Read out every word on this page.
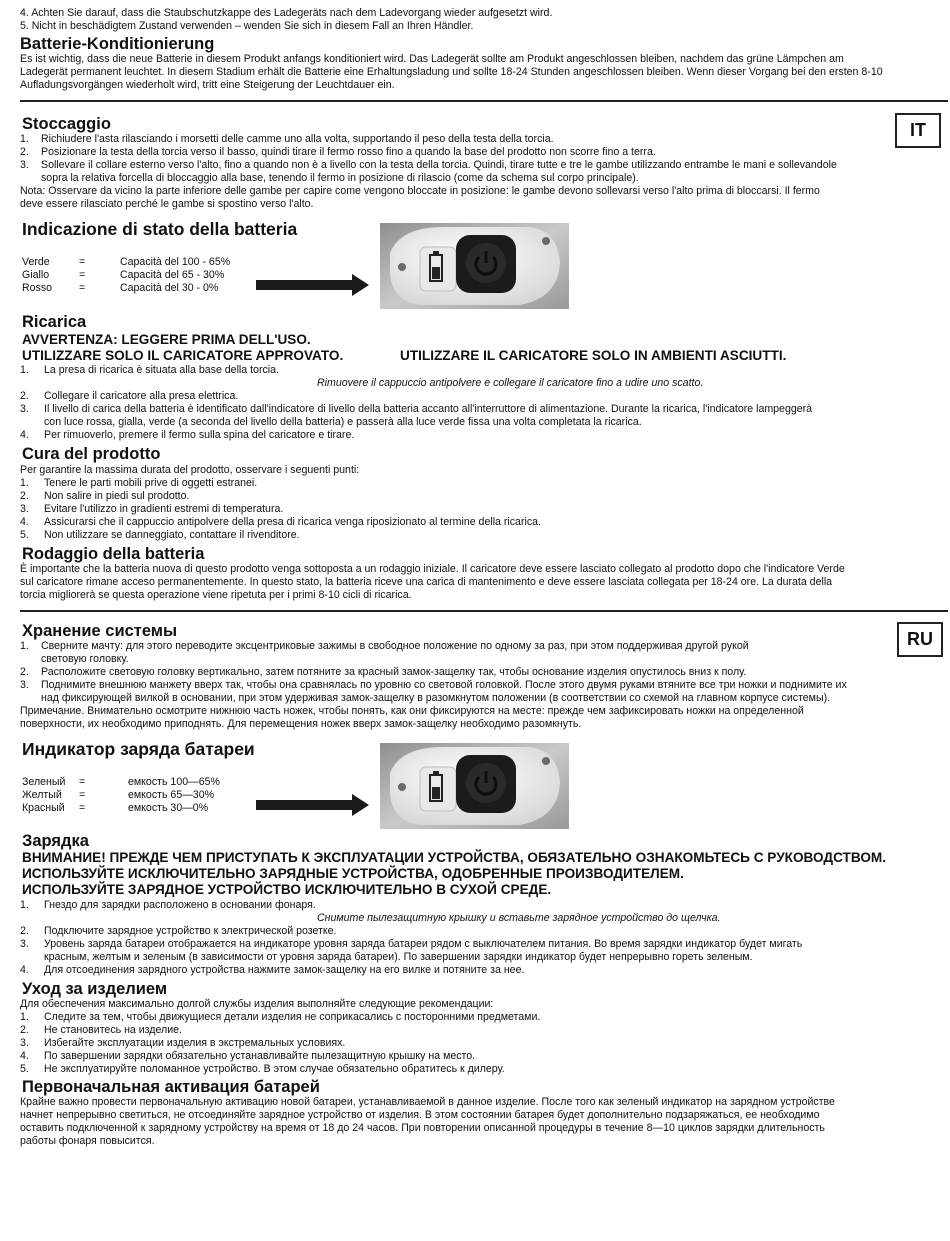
4. Achten Sie darauf, dass die Staubschutzkappe des Ladegeräts nach dem Ladevorgang wieder aufgesetzt wird.
5. Nicht in beschädigtem Zustand verwenden – wenden Sie sich in diesem Fall an Ihren Händler.
Batterie-Konditionierung
Es ist wichtig, dass die neue Batterie in diesem Produkt anfangs konditioniert wird. Das Ladegerät sollte am Produkt angeschlossen bleiben, nachdem das grüne Lämpchen am
Ladegerät permanent leuchtet. In diesem Stadium erhält die Batterie eine Erhaltungsladung und sollte 18-24 Stunden angeschlossen bleiben. Wenn dieser Vorgang bei den ersten 8-10
Aufladungsvorgängen wiederholt wird, tritt eine Steigerung der Leuchtdauer ein.
IT
Stoccaggio
1. Richiudere l'asta rilasciando i morsetti delle camme uno alla volta, supportando il peso della testa della torcia.
2. Posizionare la testa della torcia verso il basso, quindi tirare il fermo rosso fino a quando la base del prodotto non scorre fino a terra.
3. Sollevare il collare esterno verso l'alto, fino a quando non è a livello con la testa della torcia. Quindi, tirare tutte e tre le gambe utilizzando entrambe le mani e sollevandole
sopra la relativa forcella di bloccaggio alla base, tenendo il fermo in posizione di rilascio (come da schema sul corpo principale).
Nota: Osservare da vicino la parte inferiore delle gambe per capire come vengono bloccate in posizione: le gambe devono sollevarsi verso l'alto prima di bloccarsi. Il fermo
deve essere rilasciato perché le gambe si spostino verso l'alto.
Indicazione di stato della batteria
Verde	=	Capacità del 100 - 65%
Giallo	=	Capacità del 65 - 30%
Rosso	=	Capacità del 30 - 0%
Ricarica
AVVERTENZA: LEGGERE PRIMA DELL'USO.
UTILIZZARE SOLO IL CARICATORE APPROVATO.	UTILIZZARE IL CARICATORE SOLO IN AMBIENTI ASCIUTTI.
1. La presa di ricarica è situata alla base della torcia.
Rimuovere il cappuccio antipolvere e collegare il caricatore fino a udire uno scatto.
2. Collegare il caricatore alla presa elettrica.
3. Il livello di carica della batteria è identificato dall'indicatore di livello della batteria accanto all'interruttore di alimentazione. Durante la ricarica, l'indicatore lampeggerà
con luce rossa, gialla, verde (a seconda del livello della batteria) e passerà alla luce verde fissa una volta completata la ricarica.
4. Per rimuoverlo, premere il fermo sulla spina del caricatore e tirare.
Cura del prodotto
Per garantire la massima durata del prodotto, osservare i seguenti punti:
1. Tenere le parti mobili prive di oggetti estranei.
2. Non salire in piedi sul prodotto.
3. Evitare l'utilizzo in gradienti estremi di temperatura.
4. Assicurarsi che il cappuccio antipolvere della presa di ricarica venga riposizionato al termine della ricarica.
5. Non utilizzare se danneggiato, contattare il rivenditore.
Rodaggio della batteria
È importante che la batteria nuova di questo prodotto venga sottoposta a un rodaggio iniziale. Il caricatore deve essere lasciato collegato al prodotto dopo che l'indicatore Verde
sul caricatore rimane acceso permanentemente. In questo stato, la batteria riceve una carica di mantenimento e deve essere lasciata collegata per 18-24 ore. La durata della
torcia migliorerà se questa operazione viene ripetuta per i primi 8-10 cicli di ricarica.
RU
Хранение системы
1. Сверните мачту: для этого переводите эксцентриковые зажимы в свободное положение по одному за раз, при этом поддерживая другой рукой
световую головку.
2. Расположите световую головку вертикально, затем потяните за красный замок-защелку так, чтобы основание изделия опустилось вниз к полу.
3. Поднимите внешнюю манжету вверх так, чтобы она сравнялась по уровню со световой головкой. После этого двумя руками втяните все три ножки и поднимите их
над фиксирующей вилкой в основании, при этом удерживая замок-защелку в разомкнутом положении (в соответствии со схемой на главном корпусе системы).
Примечание. Внимательно осмотрите нижнюю часть ножек, чтобы понять, как они фиксируются на месте: прежде чем зафиксировать ножки на определенной
поверхности, их необходимо приподнять. Для перемещения ножек вверх замок-защелку необходимо разомкнуть.
Индикатор заряда батареи
Зеленый =	емкость 100—65%
Желтый =	емкость 65—30%
Красный =	емкость 30—0%
Зарядка
ВНИМАНИЕ! ПРЕЖДЕ ЧЕМ ПРИСТУПАТЬ К ЭКСПЛУАТАЦИИ УСТРОЙСТВА, ОБЯЗАТЕЛЬНО ОЗНАКОМЬТЕСЬ С РУКОВОДСТВОМ.
ИСПОЛЬЗУЙТЕ ИСКЛЮЧИТЕЛЬНО ЗАРЯДНЫЕ УСТРОЙСТВА, ОДОБРЕННЫЕ ПРОИЗВОДИТЕЛЕМ.
ИСПОЛЬЗУЙТЕ ЗАРЯДНОЕ УСТРОЙСТВО ИСКЛЮЧИТЕЛЬНО В СУХОЙ СРЕДЕ.
1. Гнездо для зарядки расположено в основании фонаря.
Снимите пылезащитную крышку и вставьте зарядное устройство до щелчка.
2. Подключите зарядное устройство к электрической розетке.
3. Уровень заряда батареи отображается на индикаторе уровня заряда батареи рядом с выключателем питания. Во время зарядки индикатор будет мигать
красным, желтым и зеленым (в зависимости от уровня заряда батареи). По завершении зарядки индикатор будет непрерывно гореть зеленым.
4. Для отсоединения зарядного устройства нажмите замок-защелку на его вилке и потяните за нее.
Уход за изделием
Для обеспечения максимально долгой службы изделия выполняйте следующие рекомендации:
1. Следите за тем, чтобы движущиеся детали изделия не соприкасались с посторонними предметами.
2. Не становитесь на изделие.
3. Избегайте эксплуатации изделия в экстремальных условиях.
4. По завершении зарядки обязательно устанавливайте пылезащитную крышку на место.
5. Не эксплуатируйте поломанное устройство. В этом случае обязательно обратитесь к дилеру.
Первоначальная активация батарей
Крайне важно провести первоначальную активацию новой батареи, устанавливаемой в данное изделие. После того как зеленый индикатор на зарядном устройстве
начнет непрерывно светиться, не отсоединяйте зарядное устройство от изделия. В этом состоянии батарея будет дополнительно подзаряжаться, ее необходимо
оставить подключенной к зарядному устройству на время от 18 до 24 часов. При повторении описанной процедуры в течение 8—10 циклов зарядки длительность
работы фонаря повысится.
